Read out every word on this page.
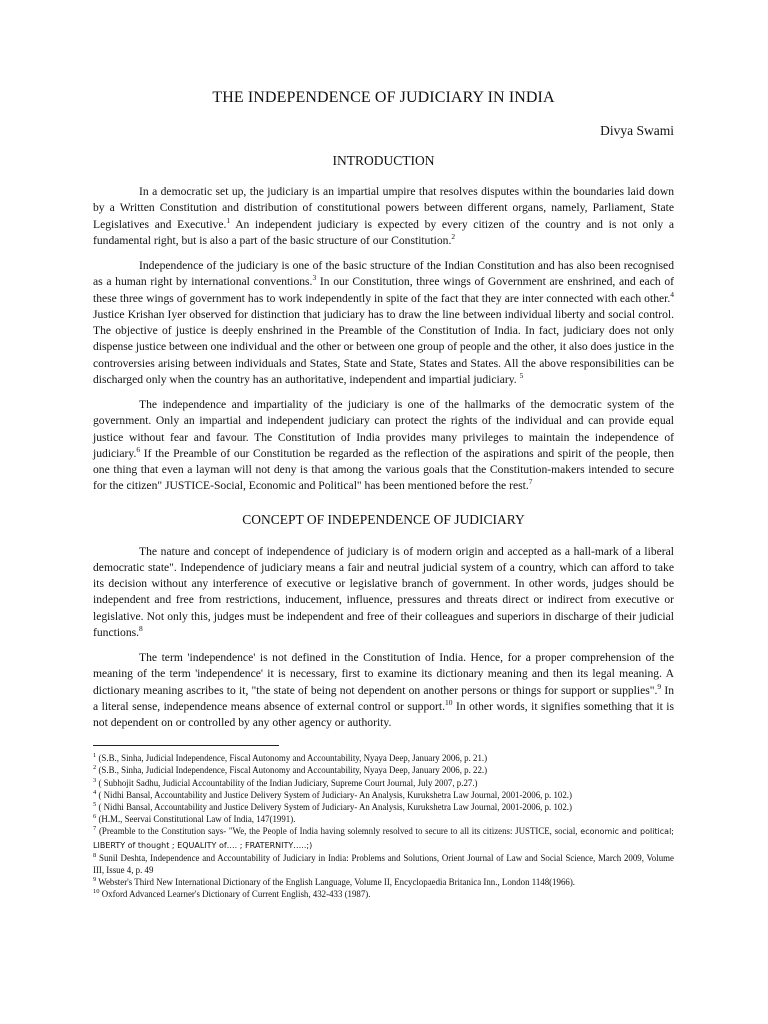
THE INDEPENDENCE OF JUDICIARY IN INDIA
Divya Swami
INTRODUCTION

In a democratic set up, the judiciary is an impartial umpire that resolves disputes within the boundaries laid down by a Written Constitution and distribution of constitutional powers between different organs, namely, Parliament, State Legislatives and Executive.$^1$ An independent judiciary is expected by every citizen of the country and is not only a fundamental right, but is also a part of the basic structure of our Constitution.$^2$

Independence of the judiciary is one of the basic structure of the Indian Constitution and has also been recognised as a human right by international conventions.$^3$ In our Constitution, three wings of Government are enshrined, and each of these three wings of government has to work independently in spite of the fact that they are inter connected with each other.$^4$ Justice Krishan Iyer observed for distinction that judiciary has to draw the line between individual liberty and social control. The objective of justice is deeply enshrined in the Preamble of the Constitution of India. In fact, judiciary does not only dispense justice between one individual and the other or between one group of people and the other, it also does justice in the controversies arising between individuals and States, State and State, States and States. All the above responsibilities can be discharged only when the country has an authoritative, independent and impartial judiciary. $^5$

The independence and impartiality of the judiciary is one of the hallmarks of the democratic system of the government. Only an impartial and independent judiciary can protect the rights of the individual and can provide equal justice without fear and favour. The Constitution of India provides many privileges to maintain the independence of judiciary.$^6$ If the Preamble of our Constitution be regarded as the reflection of the aspirations and spirit of the people, then one thing that even a layman will not deny is that among the various goals that the Constitution-makers intended to secure for the citizen" JUSTICE-Social, Economic and Political" has been mentioned before the rest.$^7$

CONCEPT OF INDEPENDENCE OF JUDICIARY

The nature and concept of independence of judiciary is of modern origin and accepted as a hall-mark of a liberal democratic state". Independence of judiciary means a fair and neutral judicial system of a country, which can afford to take its decision without any interference of executive or legislative branch of government. In other words, judges should be independent and free from restrictions, inducement, influence, pressures and threats direct or indirect from executive or legislative. Not only this, judges must be independent and free of their colleagues and superiors in discharge of their judicial functions.$^8$

The term 'independence' is not defined in the Constitution of India. Hence, for a proper comprehension of the meaning of the term 'independence' it is necessary, first to examine its dictionary meaning and then its legal meaning. A dictionary meaning ascribes to it, "the state of being not dependent on another persons or things for support or supplies".$^9$ In a literal sense, independence means absence of external control or support.$^{10}$ In other words, it signifies something that it is not dependent on or controlled by any other agency or authority.

$^1$ (S.B., Sinha, Judicial Independence, Fiscal Autonomy and Accountability, Nyaya Deep, January 2006, p. 21.)
$^2$ (S.B., Sinha, Judicial Independence, Fiscal Autonomy and Accountability, Nyaya Deep, January 2006, p. 22.)
$^3$ ( Subhojit Sadhu, Judicial Accountability of the Indian Judiciary, Supreme Court Journal, July 2007, p.27.)
$^4$ ( Nidhi Bansal, Accountability and Justice Delivery System of Judiciary- An Analysis, Kurukshetra Law Journal, 2001-2006, p. 102.)
$^5$ ( Nidhi Bansal, Accountability and Justice Delivery System of Judiciary- An Analysis, Kurukshetra Law Journal, 2001-2006, p. 102.)
$^6$ (H.M., Seervai Constitutional Law of India, 147(1991).
$^7$ (Preamble to the Constitution says- "We, the People of India having solemnly resolved to secure to all its citizens: JUSTICE, social, economic and political; LIBERTY of thought ; EQUALITY of…. ; FRATERNITY…..;)
$^8$ Sunil Deshta, Independence and Accountability of Judiciary in India: Problems and Solutions, Orient Journal of Law and Social Science, March 2009, Volume III, Issue 4, p. 49
$^9$ Webster's Third New International Dictionary of the English Language, Volume II, Encyclopaedia Britanica Inn., London 1148(1966).
$^{10}$ Oxford Advanced Learner's Dictionary of Current English, 432-433 (1987).
